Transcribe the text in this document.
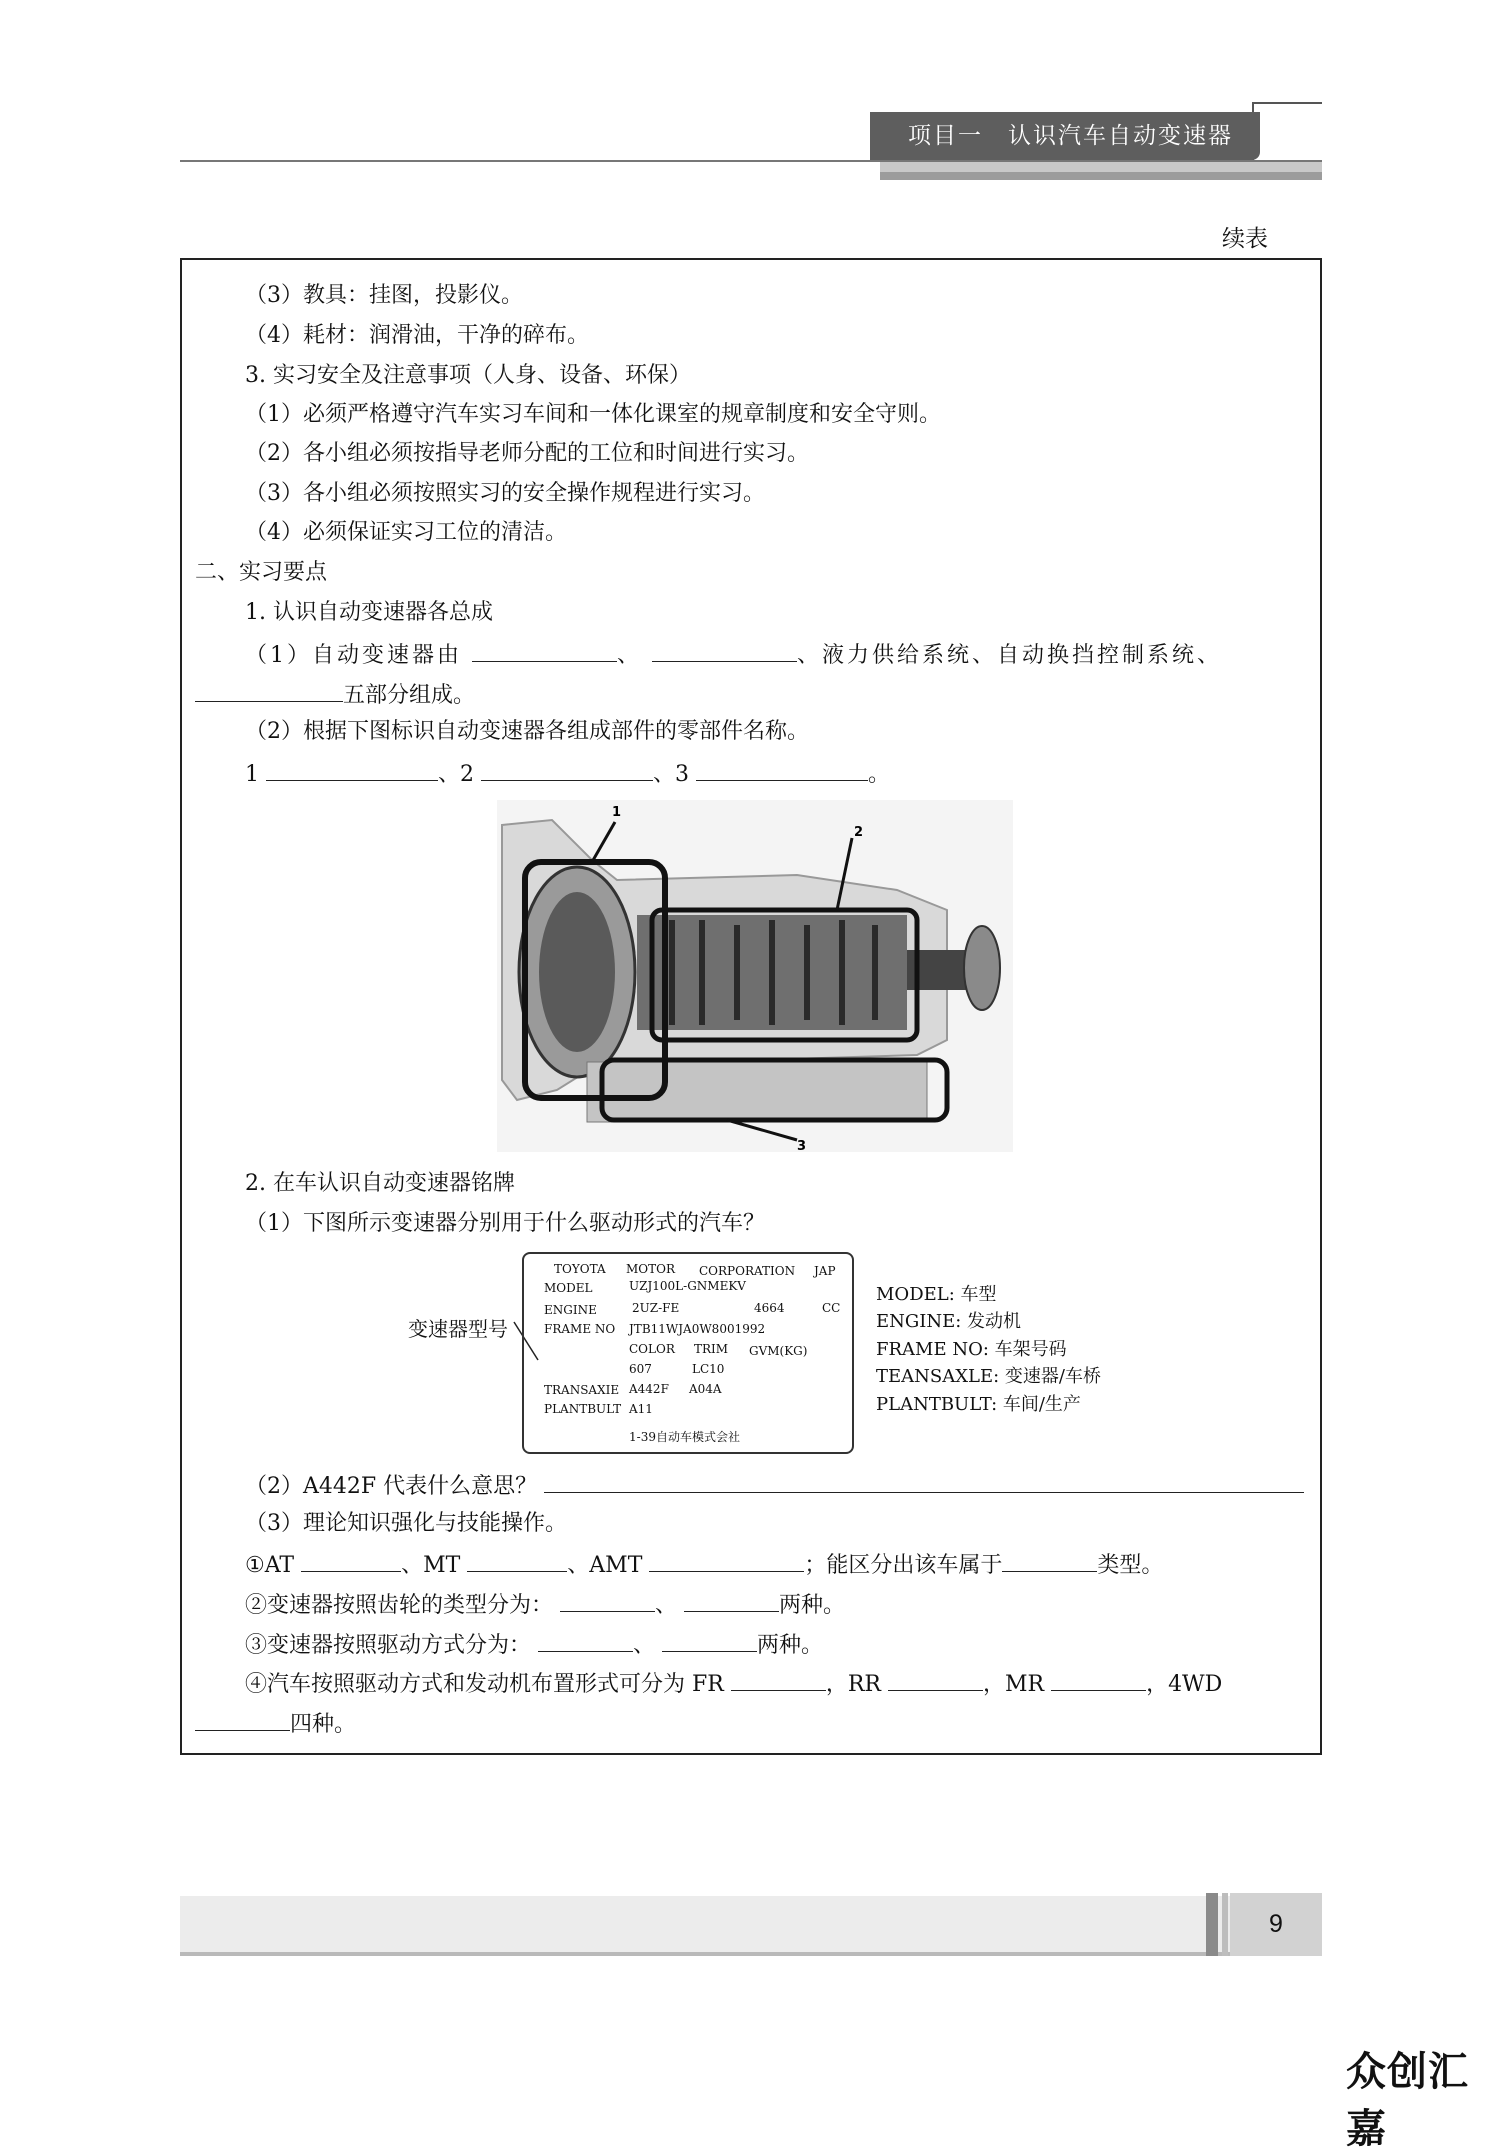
项目一　认识汽车自动变速器
续表
（3）教具：挂图，投影仪。
（4）耗材：润滑油，干净的碎布。
3. 实习安全及注意事项（人身、设备、环保）
（1）必须严格遵守汽车实习车间和一体化课室的规章制度和安全守则。
（2）各小组必须按指导老师分配的工位和时间进行实习。
（3）各小组必须按照实习的安全操作规程进行实习。
（4）必须保证实习工位的清洁。
二、实习要点
1. 认识自动变速器各总成
（1）自动变速器由	、	、液力供给系统、自动换挡控制系统、
五部分组成。
（2）根据下图标识自动变速器各组成部件的零部件名称。
1	、2	、3	。
1
2
3
2. 在车认识自动变速器铭牌
（1）下图所示变速器分别用于什么驱动形式的汽车？
变速器型号
TOYOTA MOTOR CORPORATION JAP
MODEL	UZJ100L-GNMEKV
ENGINE	2UZ-FE	4664	CC
FRAME NO JTB11WJA0W8001992
COLOR TRIM GVM(KG)
607	LC10
TRANSAXIE A442F A04A
PLANTBULT A11
1-39自动车模式会社
MODEL: 车型
ENGINE: 发动机
FRAME NO: 车架号码
TEANSAXLE: 变速器/车桥
PLANTBULT: 车间/生产
（2）A442F 代表什么意思？
（3）理论知识强化与技能操作。
①AT	、MT	、AMT	；能区分出该车属于	类型。
②变速器按照齿轮的类型分为：	、	两种。
③变速器按照驱动方式分为：	、	两种。
④汽车按照驱动方式和发动机布置形式可分为 FR	，RR	，MR	，4WD
四种。
9
众创汇嘉
